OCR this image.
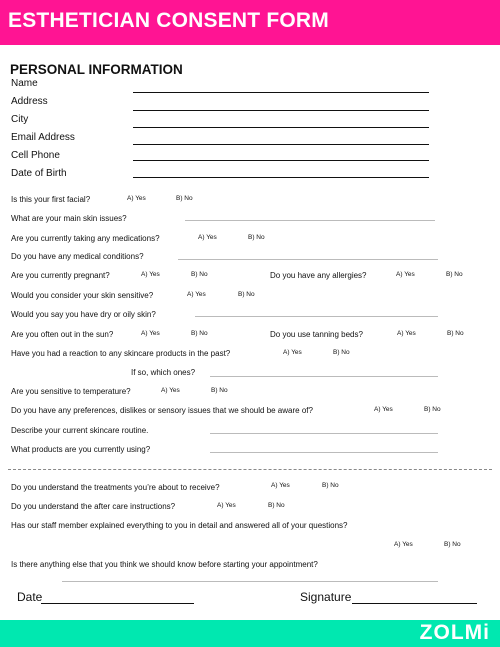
ESTHETICIAN CONSENT FORM
PERSONAL INFORMATION
Name
Address
City
Email Address
Cell Phone
Date of Birth
Is this your first facial?	A) Yes	B) No
What are your main skin issues?
Are you currently taking any medications?	A) Yes	B) No
Do you have any medical conditions?
Are you currently pregnant?	A) Yes	B) No	Do you have any allergies?	A) Yes	B) No
Would you consider your skin sensitive?	A) Yes	B) No
Would you say you have dry or oily skin?
Are you often out in the sun?	A) Yes	B) No	Do you use tanning beds?	A) Yes	B) No
Have you had a reaction to any skincare products in the past?	A) Yes	B) No
If so, which ones?
Are you sensitive to temperature?	A) Yes	B) No
Do you have any preferences, dislikes or sensory issues that we should be aware of?	A) Yes	B) No
Describe your current skincare routine.
What products are you currently using?
Do you understand the treatments you’re about to receive?	A) Yes	B) No
Do you understand the after care instructions?	A) Yes	B) No
Has our staff member explained everything to you in detail and answered all of your questions?
A) Yes	B) No
Is there anything else that you think we should know before starting your appointment?
Date	Signature
ZOLMi
